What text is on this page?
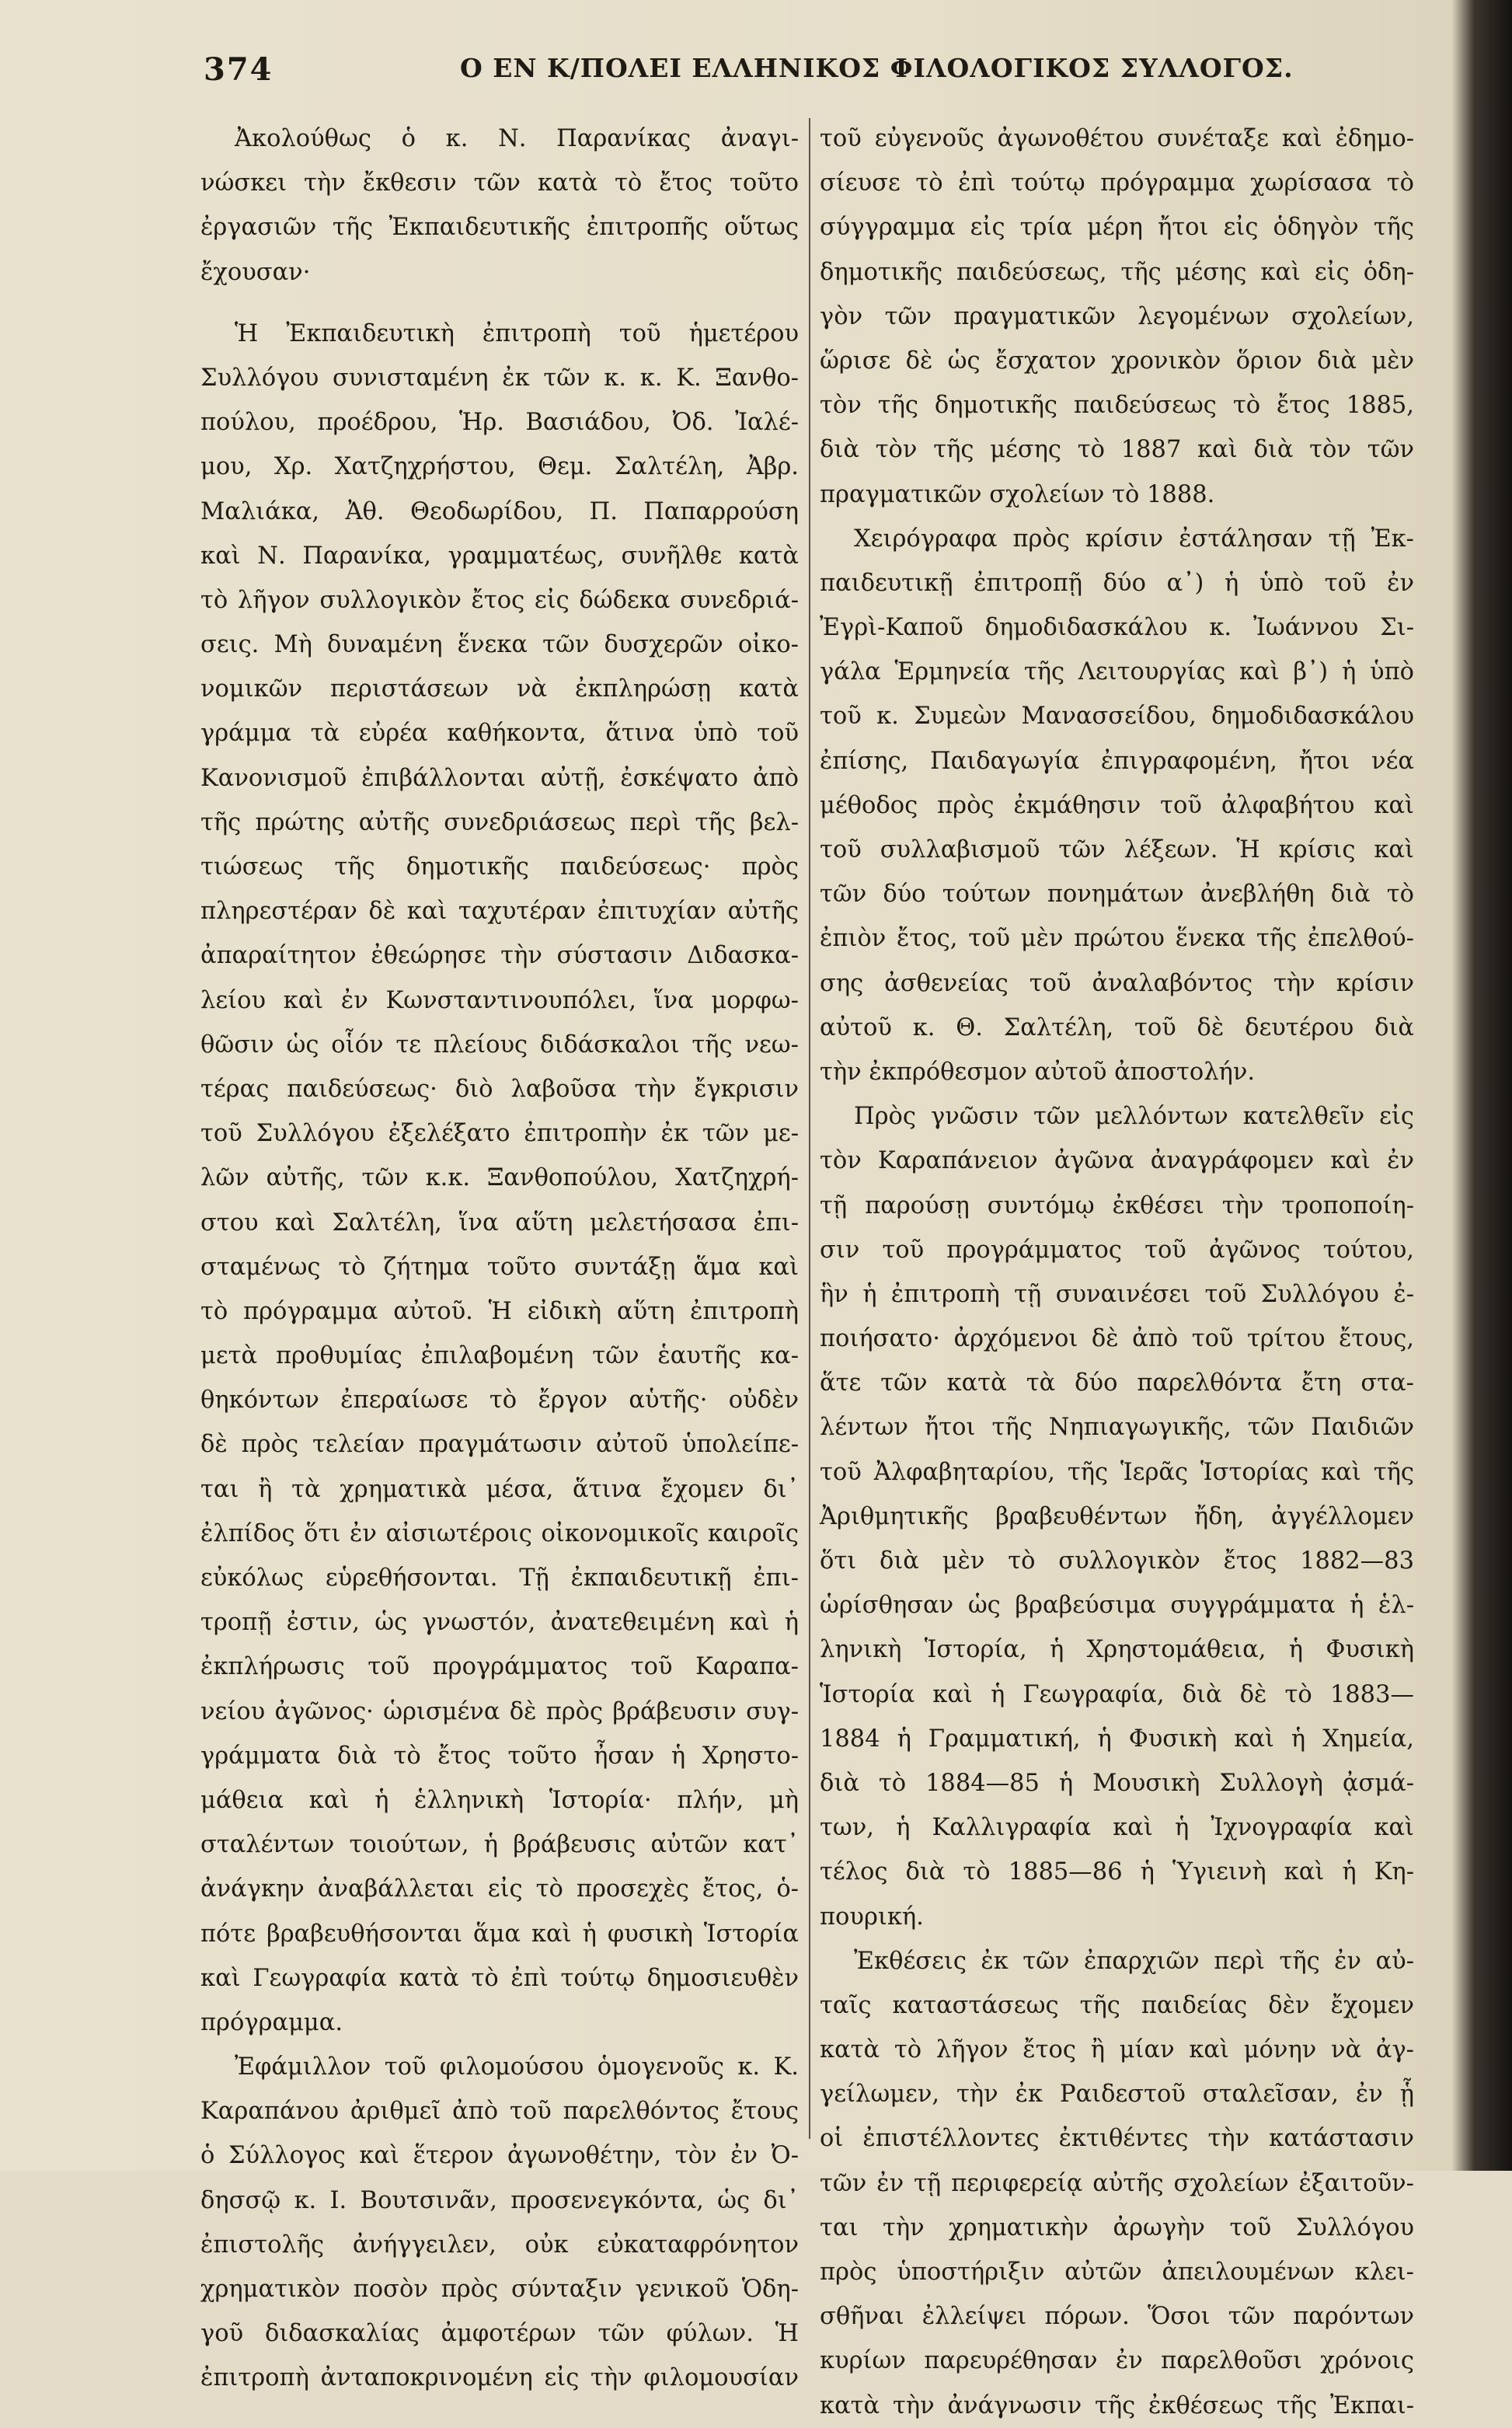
374	Ο ΕΝ Κ/ΠΟΛΕΙ ΕΛΛΗΝΙΚΟΣ ΦΙΛΟΛΟΓΙΚΟΣ ΣΥΛΛΟΓΟΣ.
Ἀκολούθως ὁ κ. Ν. Παρανίκας ἀναγι-
νώσκει τὴν ἔκθεσιν τῶν κατὰ τὸ ἔτος τοῦτο
ἐργασιῶν τῆς Ἐκπαιδευτικῆς ἐπιτροπῆς οὕτως
ἔχουσαν·
Ἡ Ἐκπαιδευτικὴ ἐπιτροπὴ τοῦ ἡμετέρου
Συλλόγου συνισταμένη ἐκ τῶν κ. κ. Κ. Ξανθο-
πούλου, προέδρου, Ἡρ. Βασιάδου, Ὀδ. Ἰαλέ-
μου, Χρ. Χατζηχρήστου, Θεμ. Σαλτέλη, Ἀβρ.
Μαλιάκα, Ἀθ. Θεοδωρίδου, Π. Παπαρρούση
καὶ Ν. Παρανίκα, γραμματέως, συνῆλθε κατὰ
τὸ λῆγον συλλογικὸν ἔτος εἰς δώδεκα συνεδριά-
σεις. Μὴ δυναμένη ἕνεκα τῶν δυσχερῶν οἰκο-
νομικῶν περιστάσεων νὰ ἐκπληρώσῃ κατὰ
γράμμα τὰ εὐρέα καθήκοντα, ἅτινα ὑπὸ τοῦ
Κανονισμοῦ ἐπιβάλλονται αὐτῇ, ἐσκέψατο ἀπὸ
τῆς πρώτης αὐτῆς συνεδριάσεως περὶ τῆς βελ-
τιώσεως τῆς δημοτικῆς παιδεύσεως· πρὸς
πληρεστέραν δὲ καὶ ταχυτέραν ἐπιτυχίαν αὐτῆς
ἀπαραίτητον ἐθεώρησε τὴν σύστασιν Διδασκα-
λείου καὶ ἐν Κωνσταντινουπόλει, ἵνα μορφω-
θῶσιν ὡς οἷόν τε πλείους διδάσκαλοι τῆς νεω-
τέρας παιδεύσεως· διὸ λαβοῦσα τὴν ἔγκρισιν
τοῦ Συλλόγου ἐξελέξατο ἐπιτροπὴν ἐκ τῶν με-
λῶν αὐτῆς, τῶν κ.κ. Ξανθοπούλου, Χατζηχρή-
στου καὶ Σαλτέλη, ἵνα αὕτη μελετήσασα ἐπι-
σταμένως τὸ ζήτημα τοῦτο συντάξῃ ἅμα καὶ
τὸ πρόγραμμα αὐτοῦ. Ἡ εἰδικὴ αὕτη ἐπιτροπὴ
μετὰ προθυμίας ἐπιλαβομένη τῶν ἑαυτῆς κα-
θηκόντων ἐπεραίωσε τὸ ἔργον αὑτῆς· οὐδὲν
δὲ πρὸς τελείαν πραγμάτωσιν αὐτοῦ ὑπολείπε-
ται ἢ τὰ χρηματικὰ μέσα, ἅτινα ἔχομεν δι᾽
ἐλπίδος ὅτι ἐν αἰσιωτέροις οἰκονομικοῖς καιροῖς
εὐκόλως εὑρεθήσονται. Τῇ ἐκπαιδευτικῇ ἐπι-
τροπῇ ἐστιν, ὡς γνωστόν, ἀνατεθειμένη καὶ ἡ
ἐκπλήρωσις τοῦ προγράμματος τοῦ Καραπα-
νείου ἀγῶνος· ὡρισμένα δὲ πρὸς βράβευσιν συγ-
γράμματα διὰ τὸ ἔτος τοῦτο ἦσαν ἡ Χρηστο-
μάθεια καὶ ἡ ἑλληνικὴ Ἱστορία· πλήν, μὴ
σταλέντων τοιούτων, ἡ βράβευσις αὐτῶν κατ᾽
ἀνάγκην ἀναβάλλεται εἰς τὸ προσεχὲς ἔτος, ὁ-
πότε βραβευθήσονται ἅμα καὶ ἡ φυσικὴ Ἱστορία
καὶ Γεωγραφία κατὰ τὸ ἐπὶ τούτῳ δημοσιευθὲν
πρόγραμμα.
Ἐφάμιλλον τοῦ φιλομούσου ὁμογενοῦς κ. Κ.
Καραπάνου ἀριθμεῖ ἀπὸ τοῦ παρελθόντος ἔτους
ὁ Σύλλογος καὶ ἕτερον ἀγωνοθέτην, τὸν ἐν Ὀ-
δησσῷ κ. Ι. Βουτσινᾶν, προσενεγκόντα, ὡς δι᾽
ἐπιστολῆς ἀνήγγειλεν, οὐκ εὐκαταφρόνητον
χρηματικὸν ποσὸν πρὸς σύνταξιν γενικοῦ Ὁδη-
γοῦ διδασκαλίας ἀμφοτέρων τῶν φύλων. Ἡ
ἐπιτροπὴ ἀνταποκρινομένη εἰς τὴν φιλομουσίαν
τοῦ εὐγενοῦς ἀγωνοθέτου συνέταξε καὶ ἐδημο-
σίευσε τὸ ἐπὶ τούτῳ πρόγραμμα χωρίσασα τὸ
σύγγραμμα εἰς τρία μέρη ἤτοι εἰς ὁδηγὸν τῆς
δημοτικῆς παιδεύσεως, τῆς μέσης καὶ εἰς ὁδη-
γὸν τῶν πραγματικῶν λεγομένων σχολείων,
ὥρισε δὲ ὡς ἔσχατον χρονικὸν ὅριον διὰ μὲν
τὸν τῆς δημοτικῆς παιδεύσεως τὸ ἔτος 1885,
διὰ τὸν τῆς μέσης τὸ 1887 καὶ διὰ τὸν τῶν
πραγματικῶν σχολείων τὸ 1888.
Χειρόγραφα πρὸς κρίσιν ἐστάλησαν τῇ Ἐκ-
παιδευτικῇ ἐπιτροπῇ δύο α᾽) ἡ ὑπὸ τοῦ ἐν
Ἐγρὶ-Καποῦ δημοδιδασκάλου κ. Ἰωάννου Σι-
γάλα Ἑρμηνεία τῆς Λειτουργίας καὶ β᾽) ἡ ὑπὸ
τοῦ κ. Συμεὼν Μανασσείδου, δημοδιδασκάλου
ἐπίσης, Παιδαγωγία ἐπιγραφομένη, ἤτοι νέα
μέθοδος πρὸς ἐκμάθησιν τοῦ ἀλφαβήτου καὶ
τοῦ συλλαβισμοῦ τῶν λέξεων. Ἡ κρίσις καὶ
τῶν δύο τούτων πονημάτων ἀνεβλήθη διὰ τὸ
ἐπιὸν ἔτος, τοῦ μὲν πρώτου ἕνεκα τῆς ἐπελθού-
σης ἀσθενείας τοῦ ἀναλαβόντος τὴν κρίσιν
αὐτοῦ κ. Θ. Σαλτέλη, τοῦ δὲ δευτέρου διὰ
τὴν ἐκπρόθεσμον αὐτοῦ ἀποστολήν.
Πρὸς γνῶσιν τῶν μελλόντων κατελθεῖν εἰς
τὸν Καραπάνειον ἀγῶνα ἀναγράφομεν καὶ ἐν
τῇ παρούσῃ συντόμῳ ἐκθέσει τὴν τροποποίη-
σιν τοῦ προγράμματος τοῦ ἀγῶνος τούτου,
ἣν ἡ ἐπιτροπὴ τῇ συναινέσει τοῦ Συλλόγου ἐ-
ποιήσατο· ἀρχόμενοι δὲ ἀπὸ τοῦ τρίτου ἔτους,
ἅτε τῶν κατὰ τὰ δύο παρελθόντα ἔτη στα-
λέντων ἤτοι τῆς Νηπιαγωγικῆς, τῶν Παιδιῶν
τοῦ Ἀλφαβηταρίου, τῆς Ἱερᾶς Ἱστορίας καὶ τῆς
Ἀριθμητικῆς βραβευθέντων ἤδη, ἀγγέλλομεν
ὅτι διὰ μὲν τὸ συλλογικὸν ἔτος 1882—83
ὡρίσθησαν ὡς βραβεύσιμα συγγράμματα ἡ ἑλ-
ληνικὴ Ἱστορία, ἡ Χρηστομάθεια, ἡ Φυσικὴ
Ἱστορία καὶ ἡ Γεωγραφία, διὰ δὲ τὸ 1883—
1884 ἡ Γραμματική, ἡ Φυσικὴ καὶ ἡ Χημεία,
διὰ τὸ 1884—85 ἡ Μουσικὴ Συλλογὴ ᾀσμά-
των, ἡ Καλλιγραφία καὶ ἡ Ἰχνογραφία καὶ
τέλος διὰ τὸ 1885—86 ἡ Ὑγιεινὴ καὶ ἡ Κη-
πουρική.
Ἐκθέσεις ἐκ τῶν ἐπαρχιῶν περὶ τῆς ἐν αὐ-
ταῖς καταστάσεως τῆς παιδείας δὲν ἔχομεν
κατὰ τὸ λῆγον ἔτος ἢ μίαν καὶ μόνην νὰ ἀγ-
γείλωμεν, τὴν ἐκ Ραιδεστοῦ σταλεῖσαν, ἐν ᾗ
οἱ ἐπιστέλλοντες ἐκτιθέντες τὴν κατάστασιν
τῶν ἐν τῇ περιφερείᾳ αὐτῆς σχολείων ἐξαιτοῦν-
ται τὴν χρηματικὴν ἀρωγὴν τοῦ Συλλόγου
πρὸς ὑποστήριξιν αὐτῶν ἀπειλουμένων κλει-
σθῆναι ἐλλείψει πόρων. Ὅσοι τῶν παρόντων
κυρίων παρευρέθησαν ἐν παρελθοῦσι χρόνοις
κατὰ τὴν ἀνάγνωσιν τῆς ἐκθέσεως τῆς Ἐκπαι-
